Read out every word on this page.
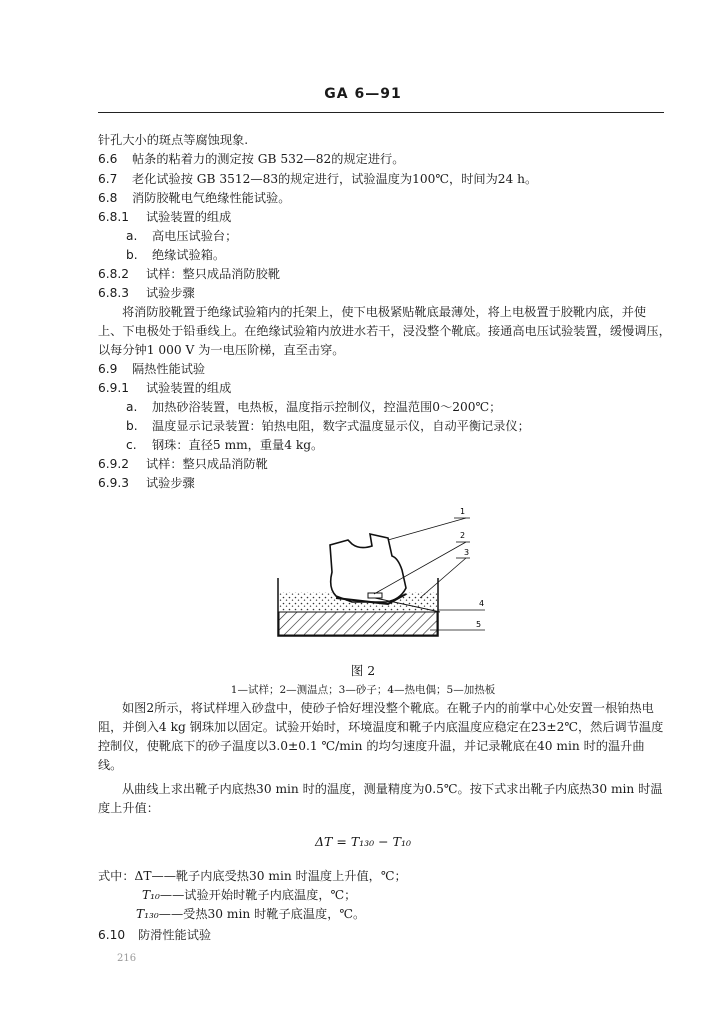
GA 6—91
针孔大小的斑点等腐蚀现象.
6.6 帖条的粘着力的测定按 GB 532—82的规定进行。
6.7 老化试验按 GB 3512—83的规定进行，试验温度为100℃，时间为24 h。
6.8 消防胶靴电气绝缘性能试验。
6.8.1 试验装置的组成
a. 高电压试验台；
b. 绝缘试验箱。
6.8.2 试样：整只成品消防胶靴
6.8.3 试验步骤
将消防胶靴置于绝缘试验箱内的托架上，使下电极紧贴靴底最薄处，将上电极置于胶靴内底，并使
上、下电极处于铅垂线上。在绝缘试验箱内放进水若干，浸没整个靴底。接通高电压试验装置，缓慢调压，
以每分钟1 000 V 为一电压阶梯，直至击穿。
6.9 隔热性能试验
6.9.1 试验装置的组成
a. 加热砂浴装置，电热板，温度指示控制仪，控温范围0～200℃；
b. 温度显示记录装置：铂热电阻，数字式温度显示仪，自动平衡记录仪；
c. 钢珠：直径5 mm，重量4 kg。
6.9.2 试样：整只成品消防靴
6.9.3 试验步骤
1
2
3
4
5
图 2
1—试样；2—测温点；3—砂子；4—热电偶；5—加热板
如图2所示，将试样埋入砂盘中，使砂子恰好埋没整个靴底。在靴子内的前掌中心处安置一根铂热电
阻，并倒入4 kg 钢珠加以固定。试验开始时，环境温度和靴子内底温度应稳定在23±2℃，然后调节温度
控制仪，使靴底下的砂子温度以3.0±0.1 ℃/min 的均匀速度升温，并记录靴底在40 min 时的温升曲
线。
从曲线上求出靴子内底热30 min 时的温度，测量精度为0.5℃。按下式求出靴子内底热30 min 时温
度上升值：
ΔT = T₁₃₀ − T₁₀
式中：ΔT——靴子内底受热30 min 时温度上升值，℃；
T₁₀——试验开始时靴子内底温度，℃；
T₁₃₀——受热30 min 时靴子底温度，℃。
6.10 防滑性能试验
216
